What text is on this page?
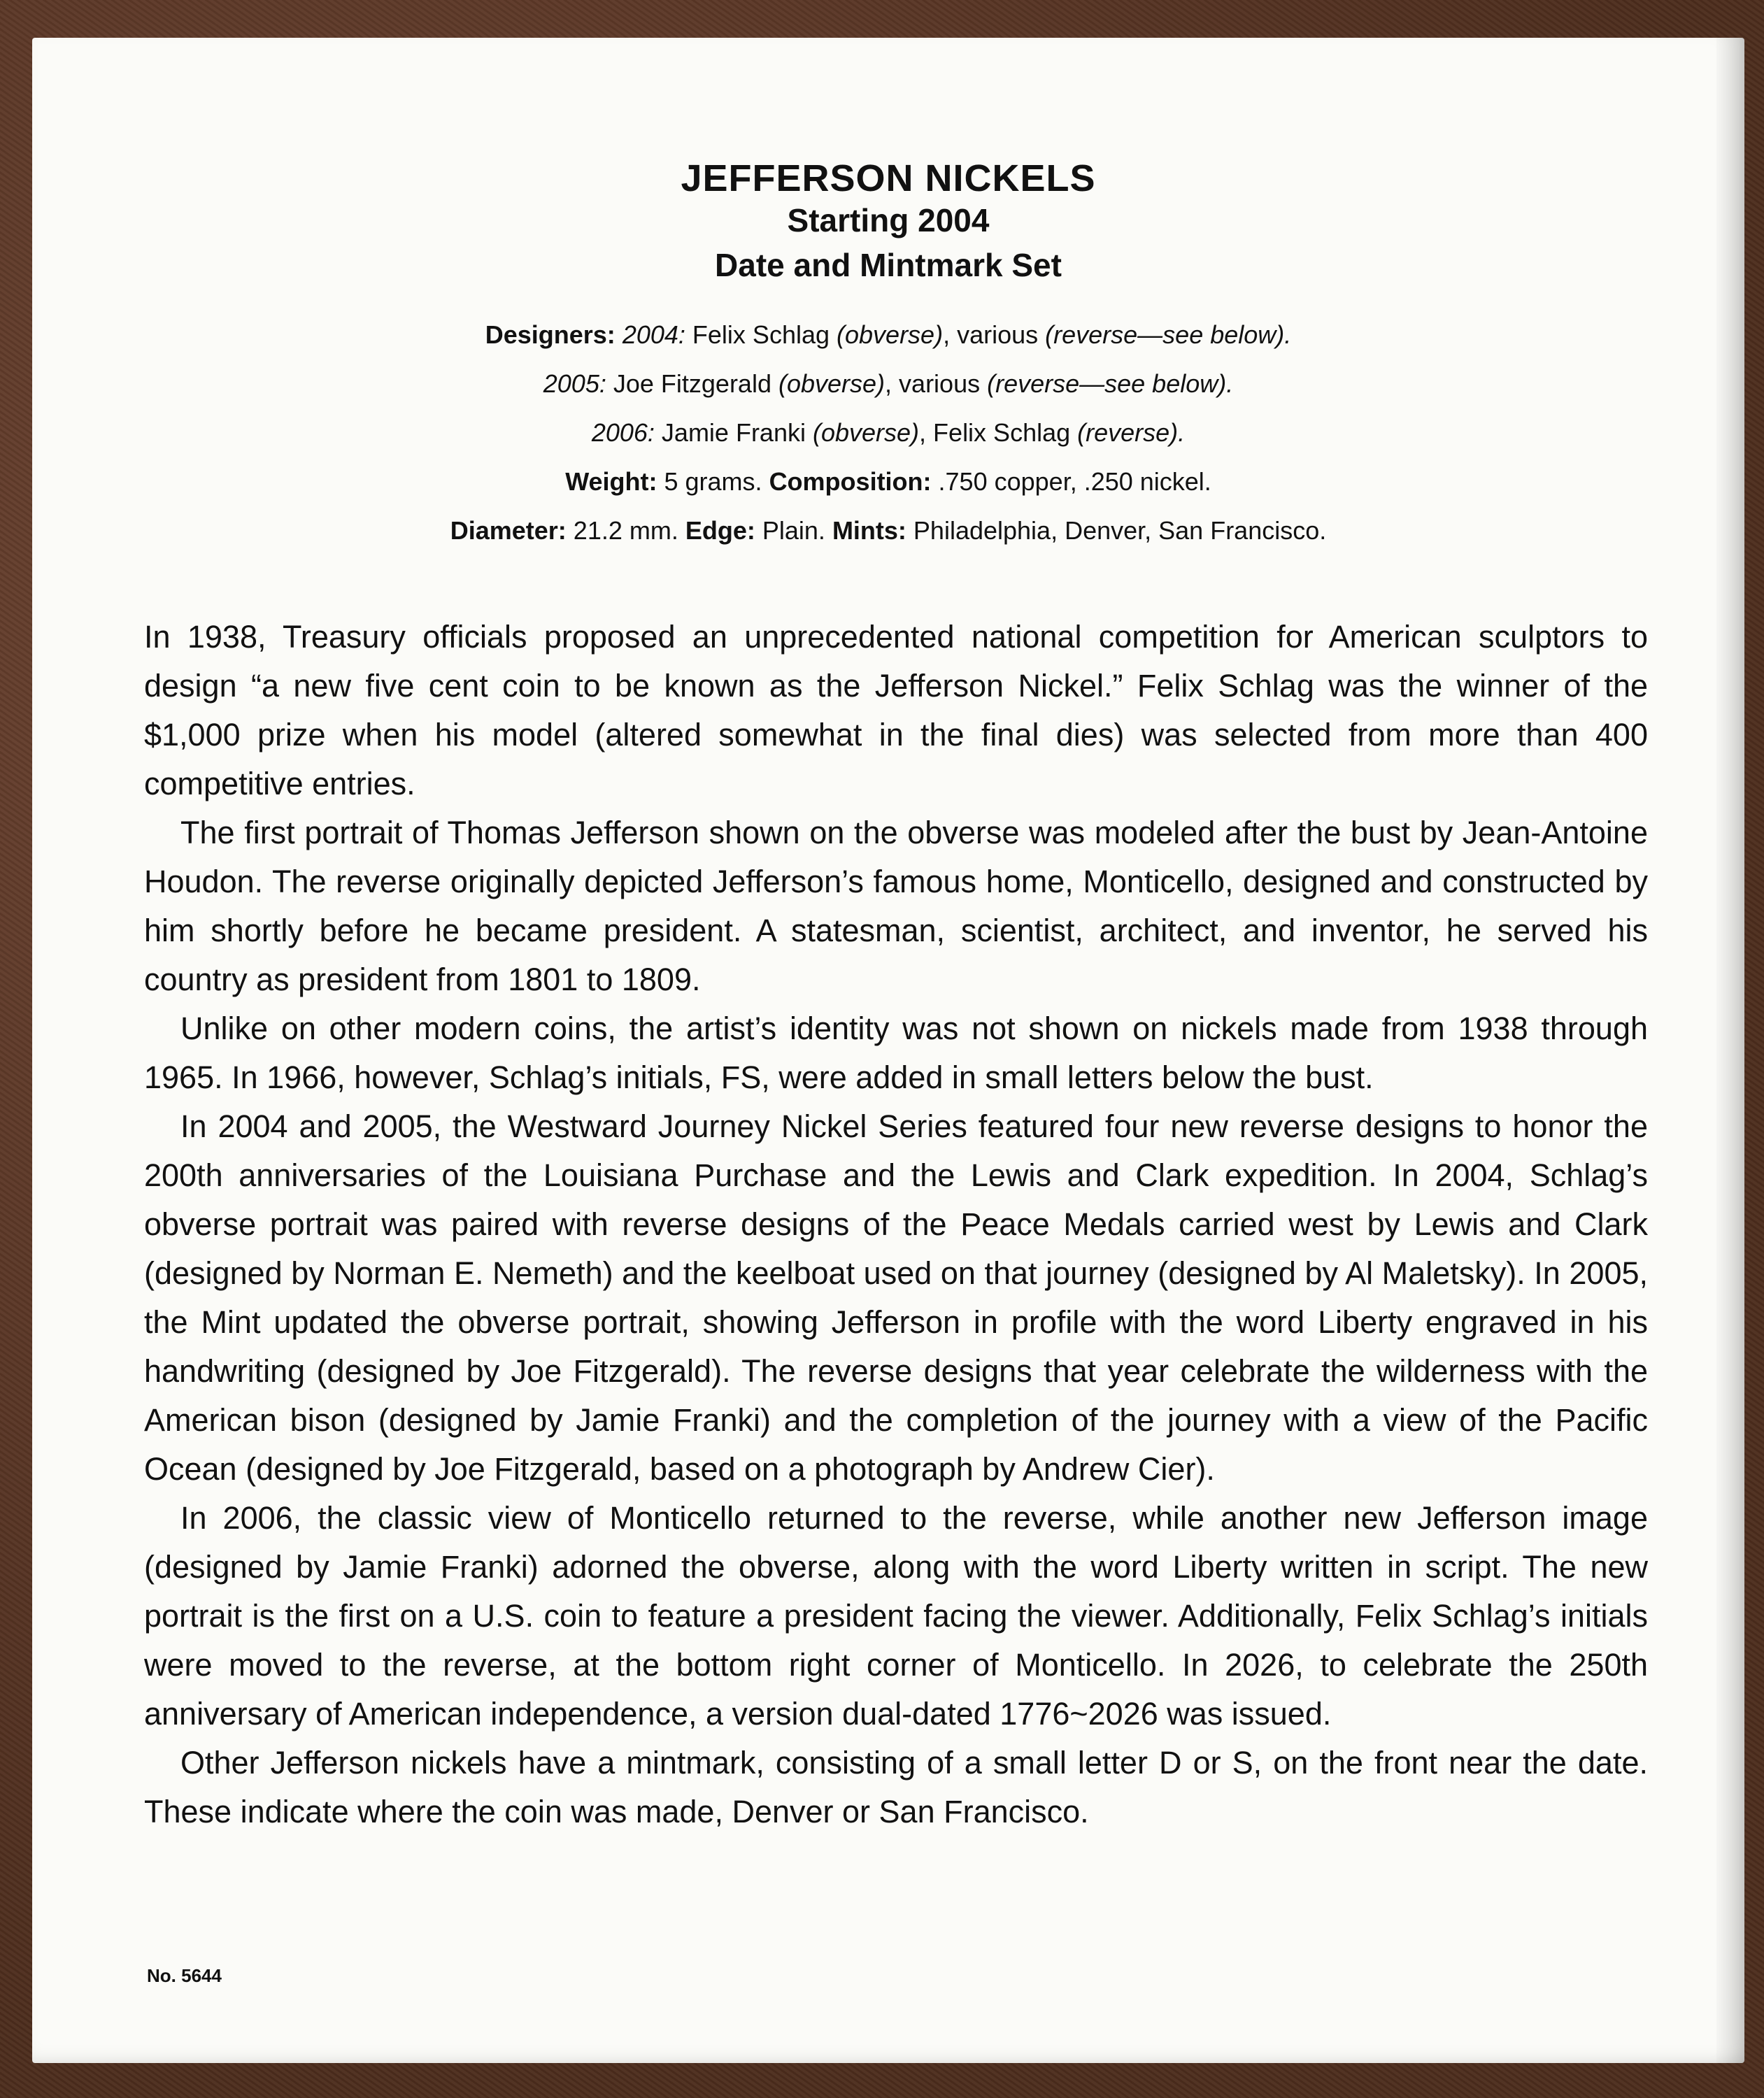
JEFFERSON NICKELS
Starting 2004
Date and Mintmark Set
Designers: 2004: Felix Schlag (obverse), various (reverse—see below).
2005: Joe Fitzgerald (obverse), various (reverse—see below).
2006: Jamie Franki (obverse), Felix Schlag (reverse).
Weight: 5 grams. Composition: .750 copper, .250 nickel.
Diameter: 21.2 mm. Edge: Plain. Mints: Philadelphia, Denver, San Francisco.

In 1938, Treasury officials proposed an unprecedented national competition for American sculptors to design “a new five cent coin to be known as the Jefferson Nickel.” Felix Schlag was the winner of the $1,000 prize when his model (altered somewhat in the final dies) was selected from more than 400 competitive entries.

The first portrait of Thomas Jefferson shown on the obverse was modeled after the bust by Jean-Antoine Houdon. The reverse originally depicted Jefferson’s famous home, Monticello, designed and constructed by him shortly before he became president. A statesman, scientist, architect, and inventor, he served his country as president from 1801 to 1809.

Unlike on other modern coins, the artist’s identity was not shown on nickels made from 1938 through 1965. In 1966, however, Schlag’s initials, FS, were added in small letters below the bust.

In 2004 and 2005, the Westward Journey Nickel Series featured four new reverse designs to honor the 200th anniversaries of the Louisiana Purchase and the Lewis and Clark expedition. In 2004, Schlag’s obverse portrait was paired with reverse designs of the Peace Medals carried west by Lewis and Clark (designed by Norman E. Nemeth) and the keelboat used on that journey (designed by Al Maletsky). In 2005, the Mint updated the obverse portrait, showing Jefferson in profile with the word Liberty engraved in his handwriting (designed by Joe Fitzgerald). The reverse designs that year celebrate the wilderness with the American bison (designed by Jamie Franki) and the completion of the journey with a view of the Pacific Ocean (designed by Joe Fitzgerald, based on a photograph by Andrew Cier).

In 2006, the classic view of Monticello returned to the reverse, while another new Jefferson image (designed by Jamie Franki) adorned the obverse, along with the word Liberty written in script. The new portrait is the first on a U.S. coin to feature a president facing the viewer. Additionally, Felix Schlag’s initials were moved to the reverse, at the bottom right corner of Monticello. In 2026, to celebrate the 250th anniversary of American independence, a version dual-dated 1776~2026 was issued.

Other Jefferson nickels have a mintmark, consisting of a small letter D or S, on the front near the date. These indicate where the coin was made, Denver or San Francisco.

No. 5644
